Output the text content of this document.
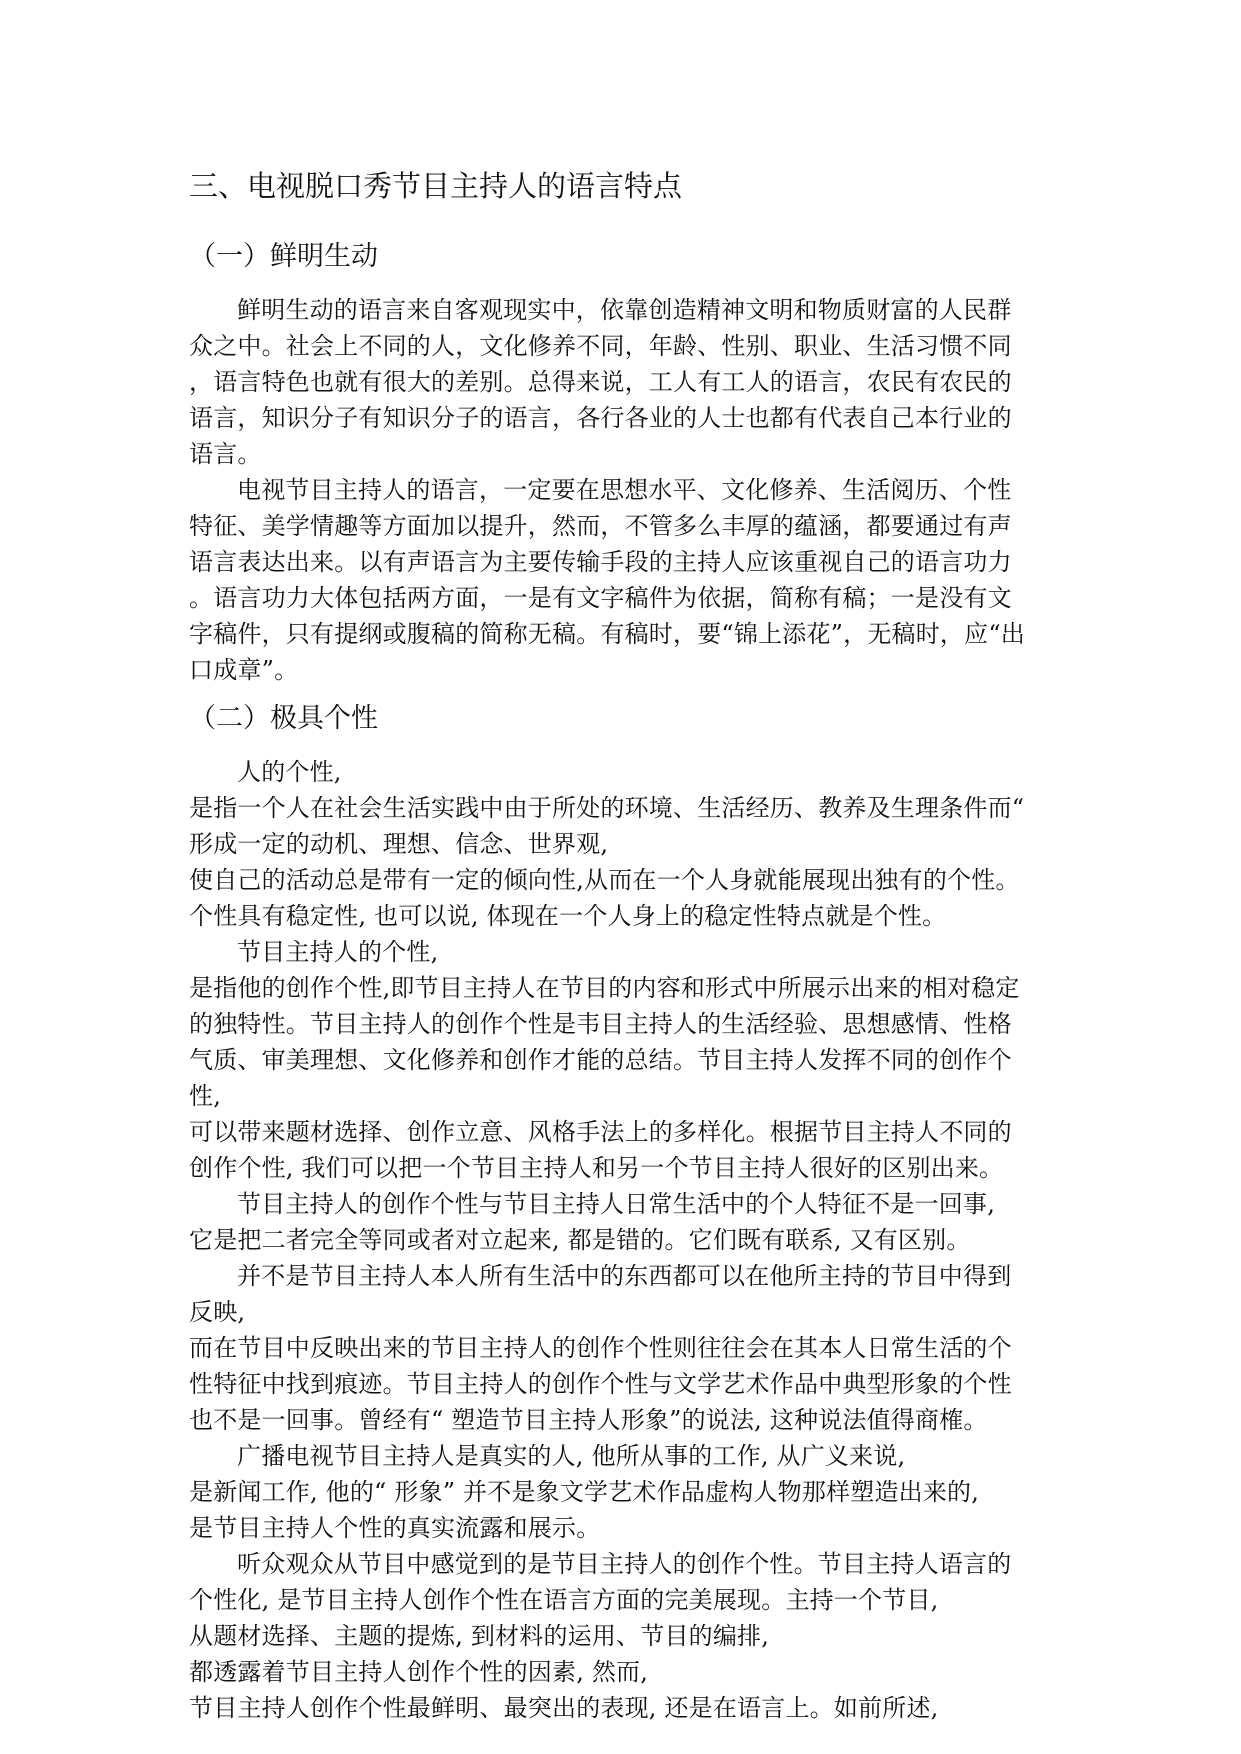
三、电视脱口秀节目主持人的语言特点
（一）鲜明生动
鲜明生动的语言来自客观现实中，依靠创造精神文明和物质财富的人民群
众之中。社会上不同的人，文化修养不同，年龄、性别、职业、生活习惯不同
，语言特色也就有很大的差别。总得来说，工人有工人的语言，农民有农民的
语言，知识分子有知识分子的语言，各行各业的人士也都有代表自己本行业的
语言。
电视节目主持人的语言，一定要在思想水平、文化修养、生活阅历、个性
特征、美学情趣等方面加以提升，然而，不管多么丰厚的蕴涵，都要通过有声
语言表达出来。以有声语言为主要传输手段的主持人应该重视自己的语言功力
。语言功力大体包括两方面，一是有文字稿件为依据，简称有稿；一是没有文
字稿件，只有提纲或腹稿的简称无稿。有稿时，要“锦上添花”，无稿时，应“出
口成章”。
（二）极具个性
人的个性,
是指一个人在社会生活实践中由于所处的环境、生活经历、教养及生理条件而“
形成一定的动机、理想、信念、世界观,
使自己的活动总是带有一定的倾向性,从而在一个人身就能展现出独有的个性。
个性具有稳定性, 也可以说, 体现在一个人身上的稳定性特点就是个性。
节目主持人的个性,
是指他的创作个性,即节目主持人在节目的内容和形式中所展示出来的相对稳定
的独特性。节目主持人的创作个性是韦目主持人的生活经验、思想感情、性格
气质、审美理想、文化修养和创作才能的总结。节目主持人发挥不同的创作个
性,
可以带来题材选择、创作立意、风格手法上的多样化。根据节目主持人不同的
创作个性, 我们可以把一个节目主持人和另一个节目主持人很好的区别出来。
节目主持人的创作个性与节目主持人日常生活中的个人特征不是一回事,
它是把二者完全等同或者对立起来, 都是错的。它们既有联系, 又有区别。
并不是节目主持人本人所有生活中的东西都可以在他所主持的节目中得到
反映,
而在节目中反映出来的节目主持人的创作个性则往往会在其本人日常生活的个
性特征中找到痕迹。节目主持人的创作个性与文学艺术作品中典型形象的个性
也不是一回事。曾经有“ 塑造节目主持人形象”的说法, 这种说法值得商榷。
广播电视节目主持人是真实的人, 他所从事的工作, 从广义来说,
是新闻工作, 他的“ 形象” 并不是象文学艺术作品虚构人物那样塑造出来的,
是节目主持人个性的真实流露和展示。
听众观众从节目中感觉到的是节目主持人的创作个性。节目主持人语言的
个性化, 是节目主持人创作个性在语言方面的完美展现。主持一个节目,
从题材选择、主题的提炼, 到材料的运用、节目的编排,
都透露着节目主持人创作个性的因素, 然而,
节目主持人创作个性最鲜明、最突出的表现, 还是在语言上。如前所述,
